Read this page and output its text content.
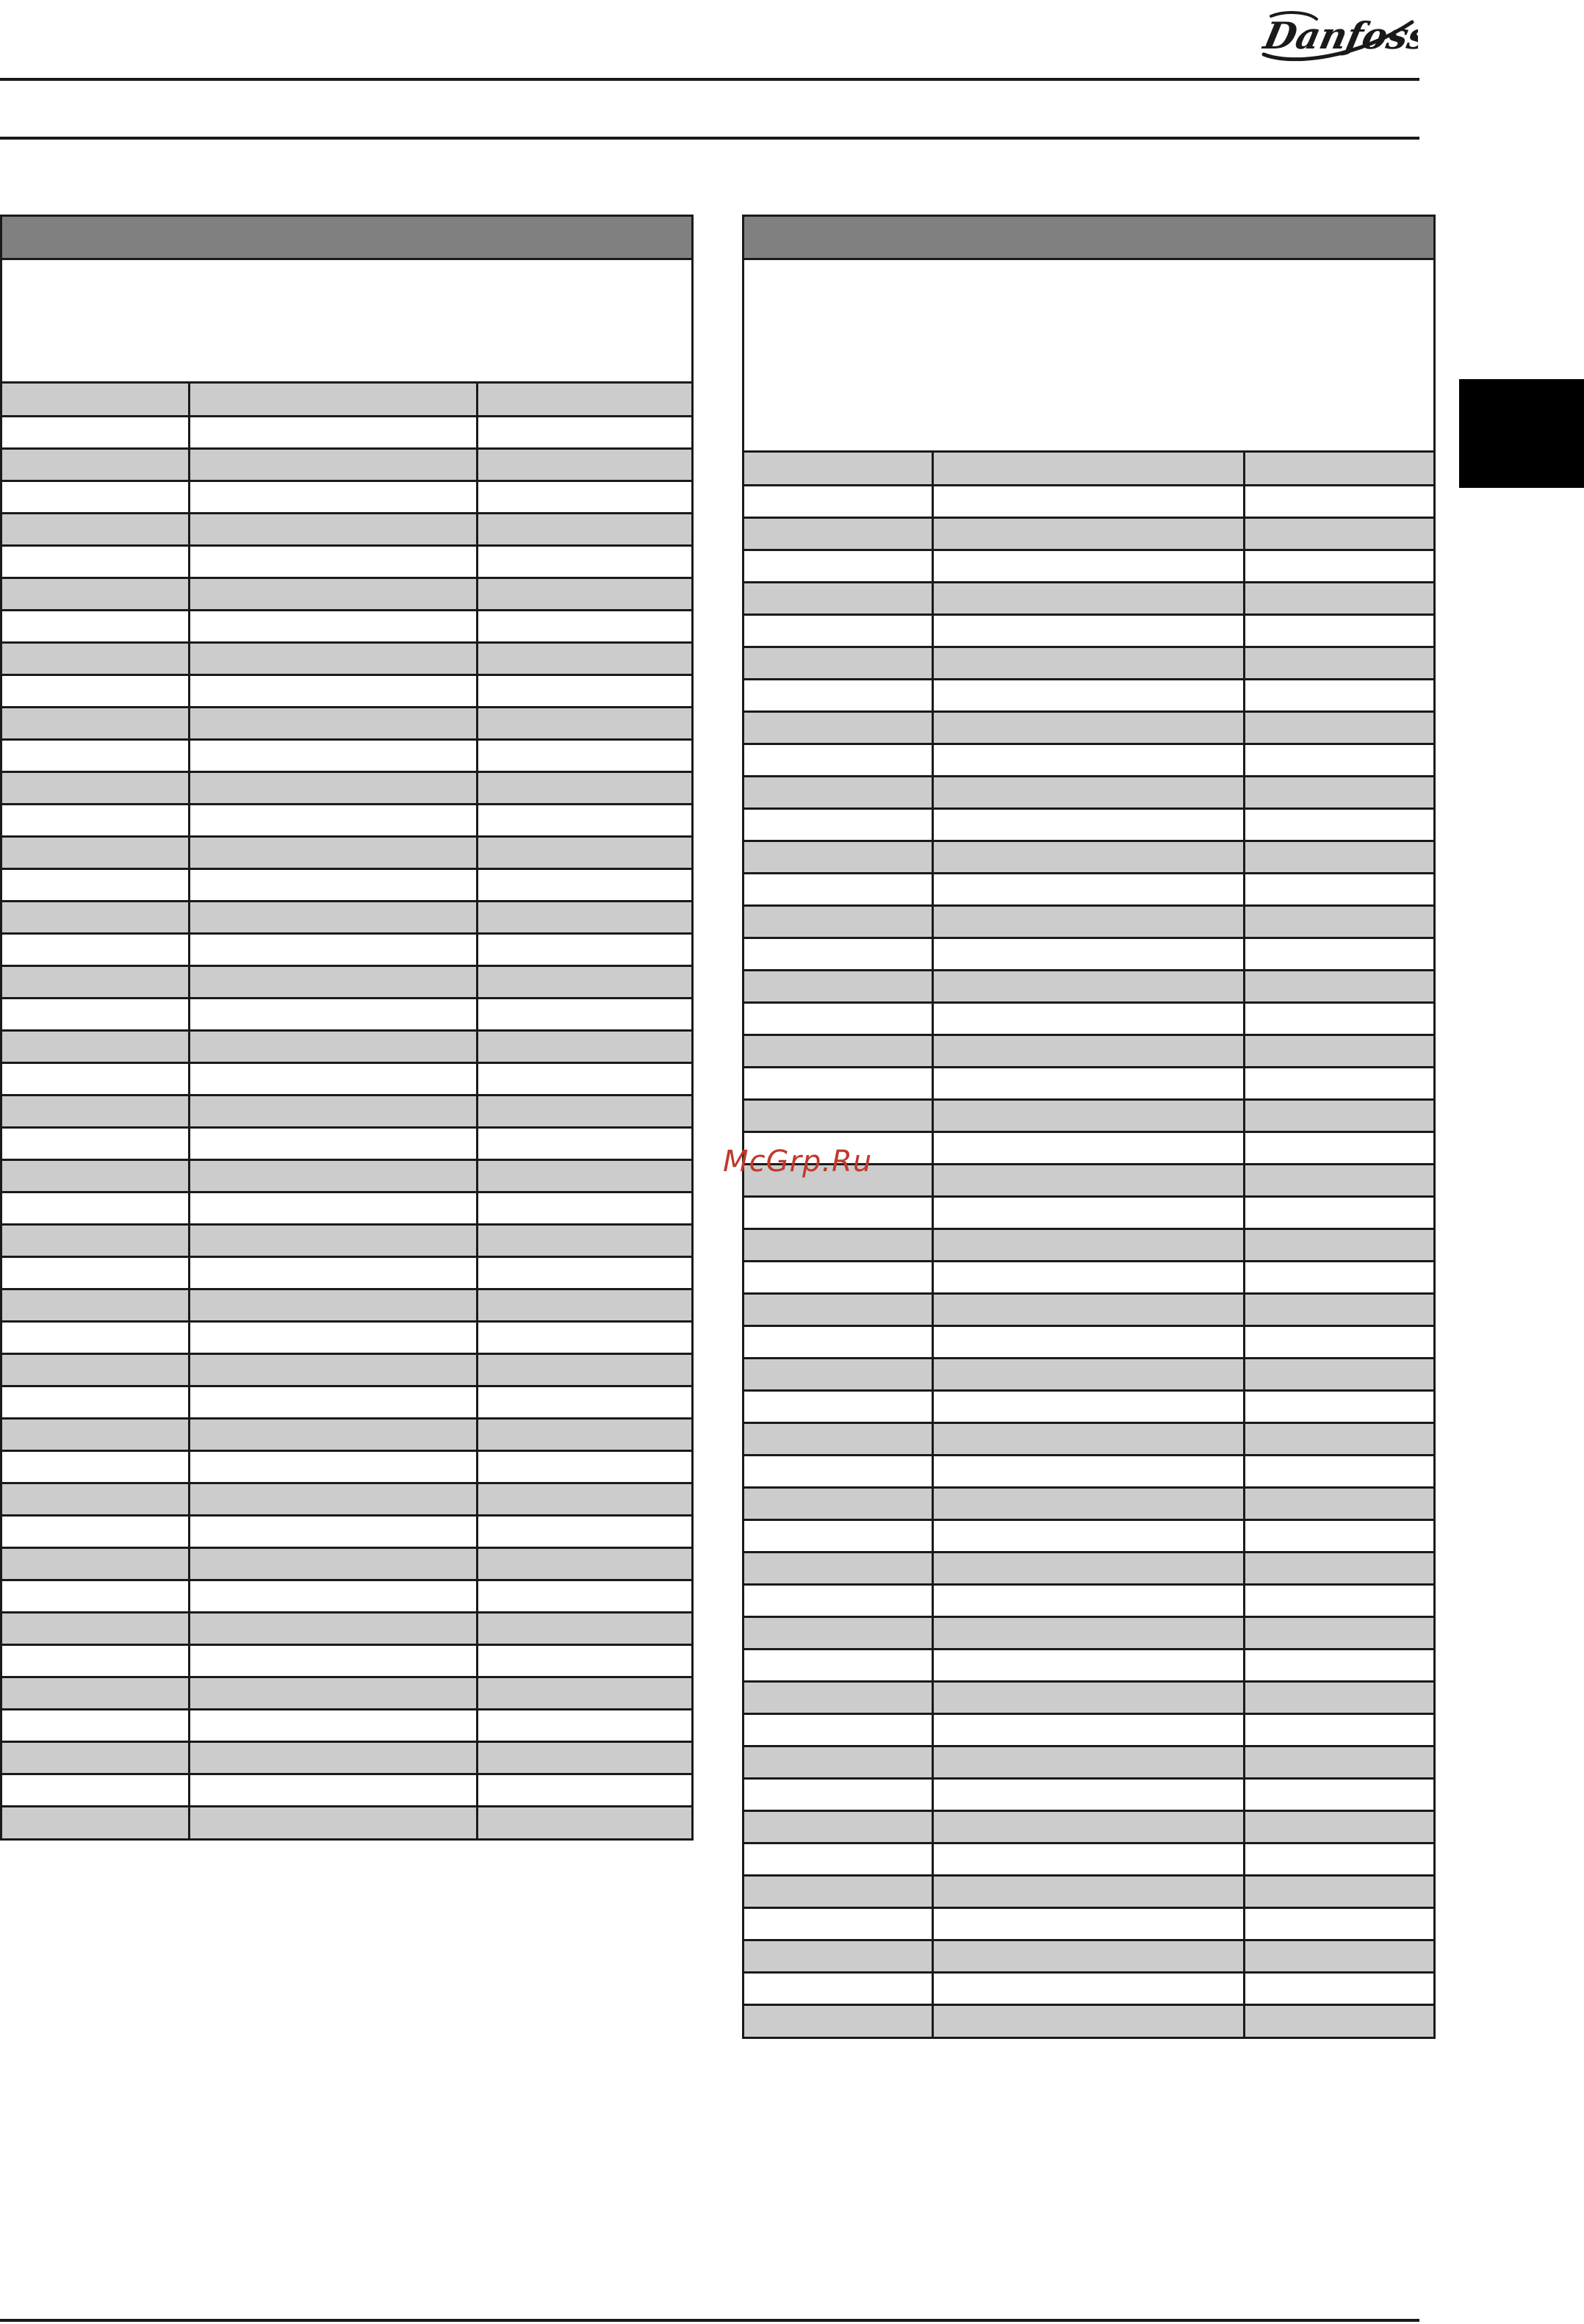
Danfoss

McGrp.Ru
